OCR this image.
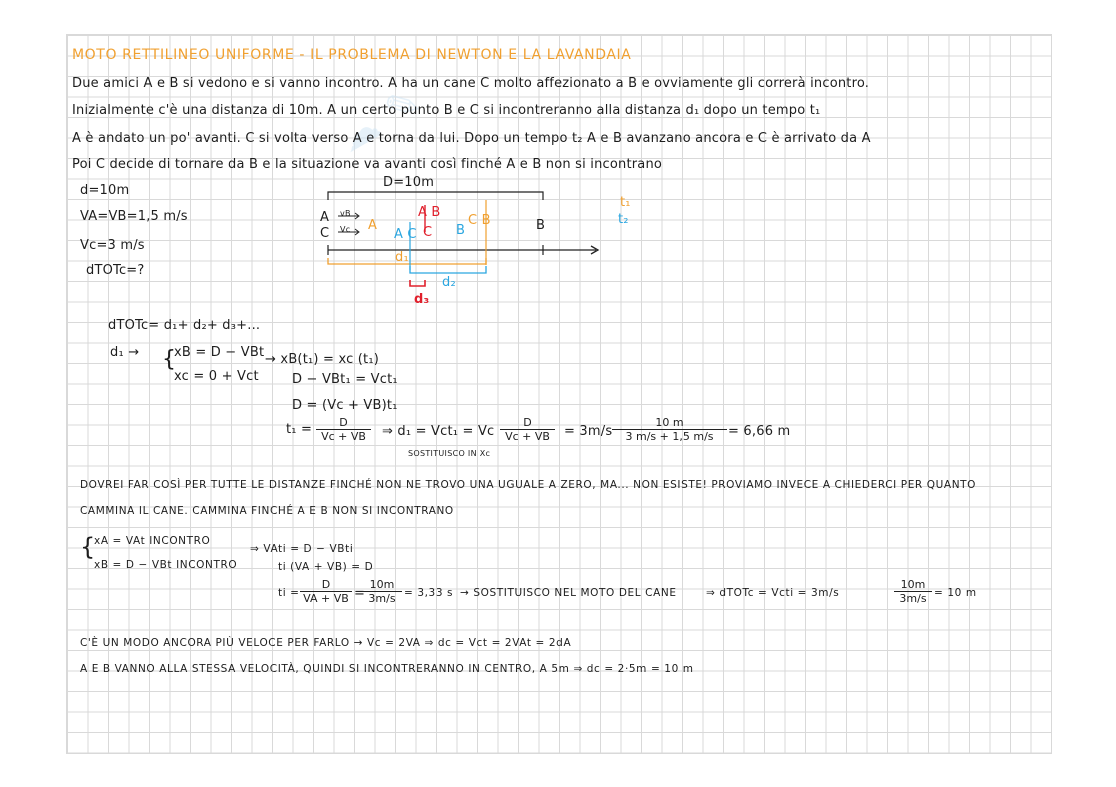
☁ ✎
MOTO RETTILINEO UNIFORME - IL PROBLEMA DI NEWTON E LA LAVANDAIA
Due amici A e B si vedono e si vanno incontro. A ha un cane C molto affezionato a B e ovviamente gli correrà incontro.
Inizialmente c'è una distanza di 10m. A un certo punto B e C si incontreranno alla distanza d₁ dopo un tempo t₁
A è andato un po' avanti. C si volta verso A e torna da lui. Dopo un tempo t₂ A e B avanzano ancora e C è arrivato da A
Poi C decide di tornare da B e la situazione va avanti così finché A e B non si incontrano
d=10m
VA=VB=1,5 m/s
Vc=3 m/s
dTOTc=?
D=10m
A
C
vB
Vc A	C B
A B
C
A C	B	B
d₁
d₂
d₃
t₁
t₂
dTOTc= d₁+ d₂+ d₃+...
d₁ → {
xB = D − VBt
xc = 0 + Vct
→ xB(t₁) = xc (t₁)
D − VBt₁ = Vct₁
D = (Vc + VB)t₁
$t_1 = \frac{D}{Vc + VB}$ ⇒ d₁ = Vct₁ = Vc
SOSTITUISCO IN Xc
$\frac{D}{Vc + VB} = 3m/s \frac{10 m}{3 m/s + 1,5 m/s} = 6,66$ m
DOVREI FAR COSÌ PER TUTTE LE DISTANZE FINCHÉ NON NE TROVO UNA UGUALE A ZERO, MA... NON ESISTE! PROVIAMO INVECE A CHIEDERCI PER QUANTO
CAMMINA IL CANE. CAMMINA FINCHÉ A E B NON SI INCONTRANO
{
xA = VAt INCONTRO
xB = D − VBt INCONTRO
⇒ VAti = D − VBti
ti (VA + VB) = D
ti = $\frac{D}{VA + VB}$ =
$\frac{10m}{3m/s} = 3,33$ s → SOSTITUISCO NEL MOTO DEL CANE	⇒ dTOTc = Vcti = 3m/s	$\frac{10m}{3m/s} = 10$ m
C'È UN MODO ANCORA PIÙ VELOCE PER FARLO → Vc = 2VA ⇒ dc = Vct = 2VAt = 2dA
A E B VANNO ALLA STESSA VELOCITÀ, QUINDI SI INCONTRERANNO IN CENTRO, A 5m ⇒ dc = 2·5m = 10 m
